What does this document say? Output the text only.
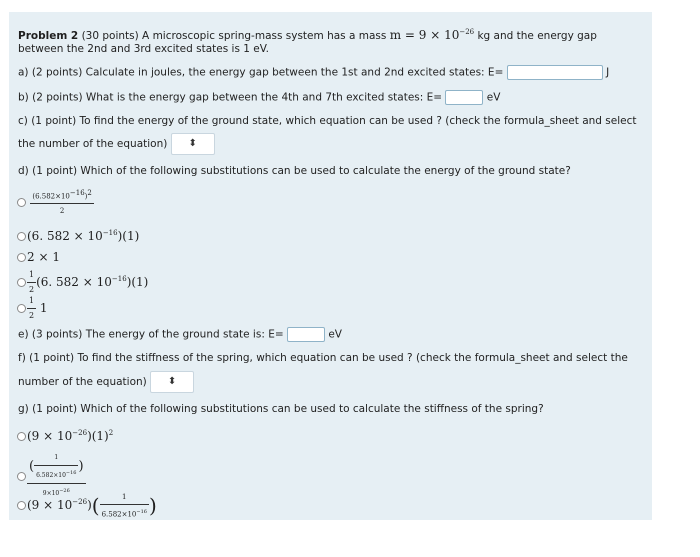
Problem 2 (30 points) A microscopic spring-mass system has a mass $m = 9 \times 10^{-26}$ kg and the energy gap
between the 2nd and 3rd excited states is 1 eV.
a) (2 points) Calculate in joules, the energy gap between the 1st and 2nd excited states: E=	J
b) (2 points) What is the energy gap between the 4th and 7th excited states: E=	eV
c) (1 point) To find the energy of the ground state, which equation can be used ? (check the formula_sheet and select
the number of the equation) ⬍
d) (1 point) Which of the following substitutions can be used to calculate the energy of the ground state?

$\frac{(6.582\times 10^{-16})^2}{2}$
(6. $582 \times 10^{-16})(1)$
2 × 1
$\frac{1}{2} (6$. $582 \times 10^{-16})(1)$
$\frac{1}{2} 1$
e) (3 points) The energy of the ground state is: E=	eV
f) (1 point) To find the stiffness of the spring, which equation can be used ? (check the formula_sheet and select the
number of the equation) ⬍
g) (1 point) Which of the following substitutions can be used to calculate the stiffness of the spring?
$(9 \times 10^{-26})(1)^2$
$\frac{( \frac{1}{6.582\times 10^{-16}} )}{9\times 10^{-26}}$
$(9 \times 10^{-26})( \frac{1}{6.582\times 10^{-16}}$ )
